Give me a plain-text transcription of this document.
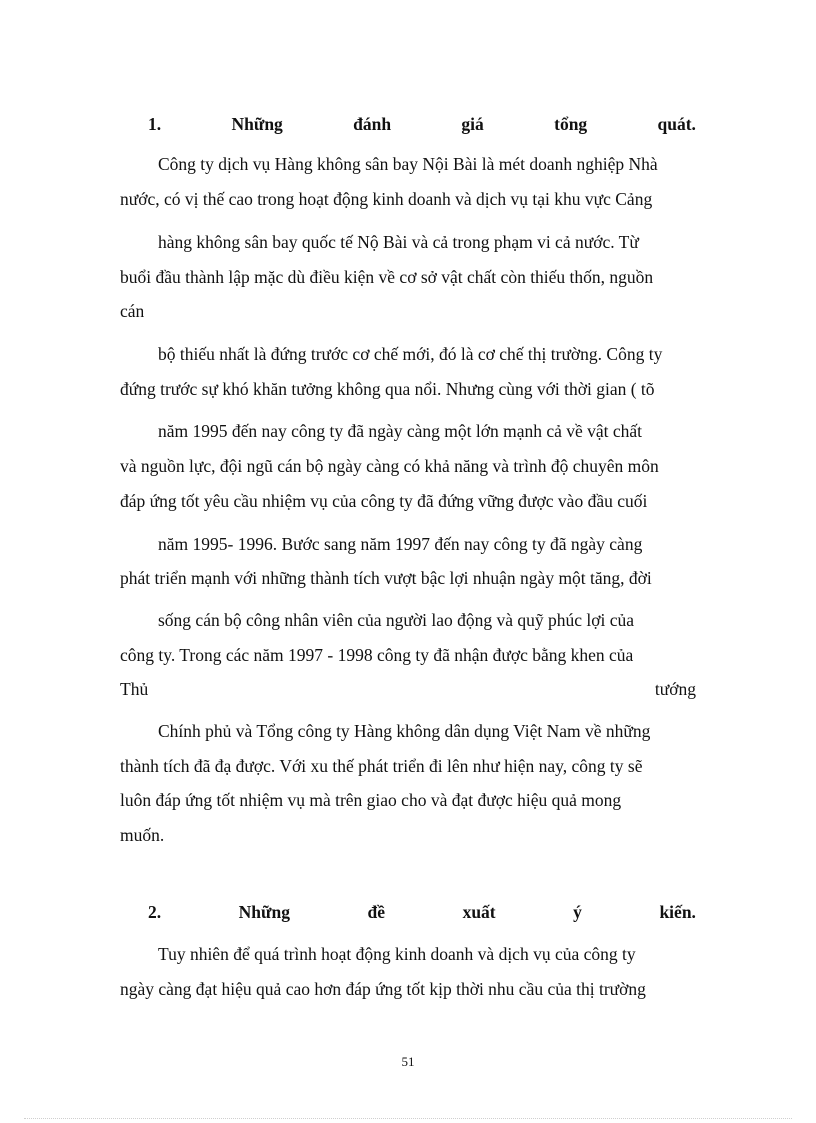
1.	Những	đánh	giá	tổng	quát.
Công ty dịch vụ Hàng không sân bay Nội Bài là mét doanh nghiệp Nhà
nước, có vị thế cao trong hoạt động kinh doanh và dịch vụ tại khu vực Cảng
hàng không sân bay quốc tế Nộ Bài và cả trong phạm vi cả nước. Từ
buổi đầu thành lập mặc dù điều kiện về cơ sở vật chất còn thiếu thốn, nguồn
cán
bộ thiếu nhất là đứng trước cơ chế mới, đó là cơ chế thị trường. Công ty
đứng trước sự khó khăn tưởng không qua nổi. Nhưng cùng với thời gian ( tõ
năm 1995 đến nay công ty đã ngày càng một lớn mạnh cả về vật chất
và nguồn lực, đội ngũ cán bộ ngày càng có khả năng và trình độ chuyên môn
đáp ứng tốt yêu cầu nhiệm vụ của công ty đã đứng vững được vào đầu cuối
năm 1995- 1996. Bước sang năm 1997 đến nay công ty đã ngày càng
phát triển mạnh với những thành tích vượt bậc lợi nhuận ngày một tăng, đời
sống cán bộ công nhân viên của người lao động và quỹ phúc lợi của
công ty. Trong các năm 1997 - 1998 công ty đã nhận được bằng khen của
Thủ	tướng
Chính phủ và Tổng công ty Hàng không dân dụng Việt Nam về những
thành tích đã đạ được. Với xu thế phát triển đi lên như hiện nay, công ty sẽ
luôn đáp ứng tốt nhiệm vụ mà trên giao cho và đạt được hiệu quả mong
muốn.
2.	Những	đề	xuất	ý	kiến.
Tuy nhiên để quá trình hoạt động kinh doanh và dịch vụ của công ty
ngày càng đạt hiệu quả cao hơn đáp ứng tốt kịp thời nhu cầu của thị trường
51
